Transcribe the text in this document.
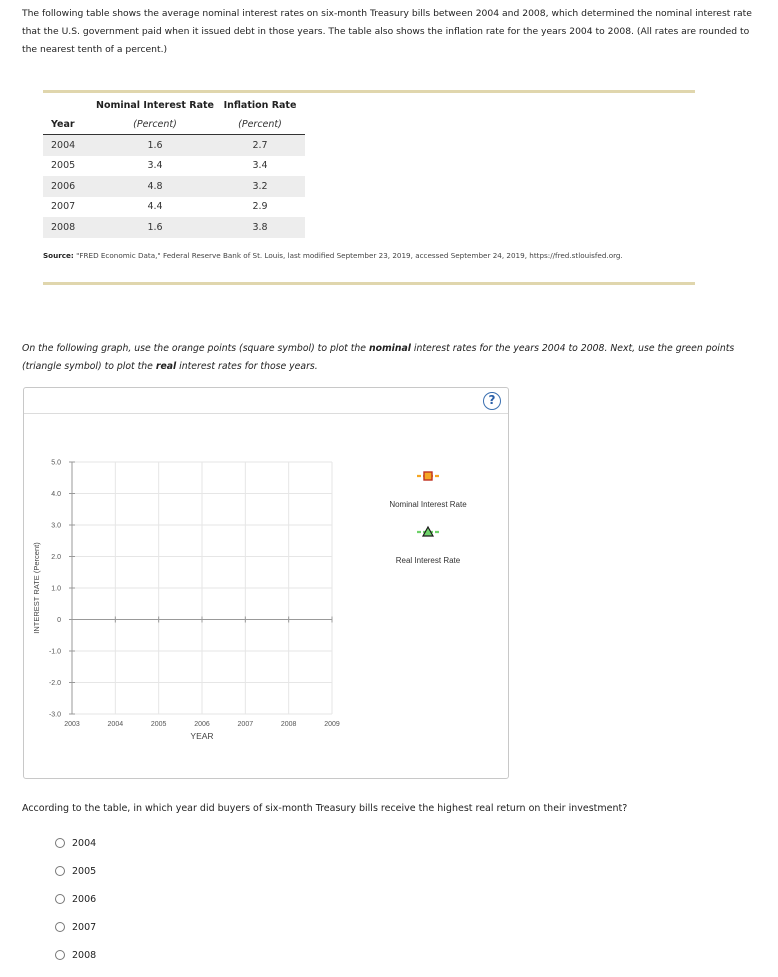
The following table shows the average nominal interest rates on six-month Treasury bills between 2004 and 2008, which determined the nominal interest rate that the U.S. government paid when it issued debt in those years. The table also shows the inflation rate for the years 2004 to 2008. (All rates are rounded to the nearest tenth of a percent.)
		Nominal Interest Rate	Inflation Rate
Year		(Percent)	(Percent)
2004		1.6	2.7
2005		3.4	3.4
2006		4.8	3.2
2007		4.4	2.9
2008		1.6	3.8
Source: "FRED Economic Data," Federal Reserve Bank of St. Louis, last modified September 23, 2019, accessed September 24, 2019, https://fred.stlouisfed.org.
On the following graph, use the orange points (square symbol) to plot the nominal interest rates for the years 2004 to 2008. Next, use the green points (triangle symbol) to plot the real interest rates for those years.
?
5.0
4.0
3.0
2.0
1.0
0
-1.0
-2.0
-3.0
2003	2004	2005	2006	2007	2008	2009
YEAR
INTEREST RATE (Percent)
Nominal Interest Rate
Real Interest Rate
According to the table, in which year did buyers of six-month Treasury bills receive the highest real return on their investment?
2004
2005
2006
2007
2008
